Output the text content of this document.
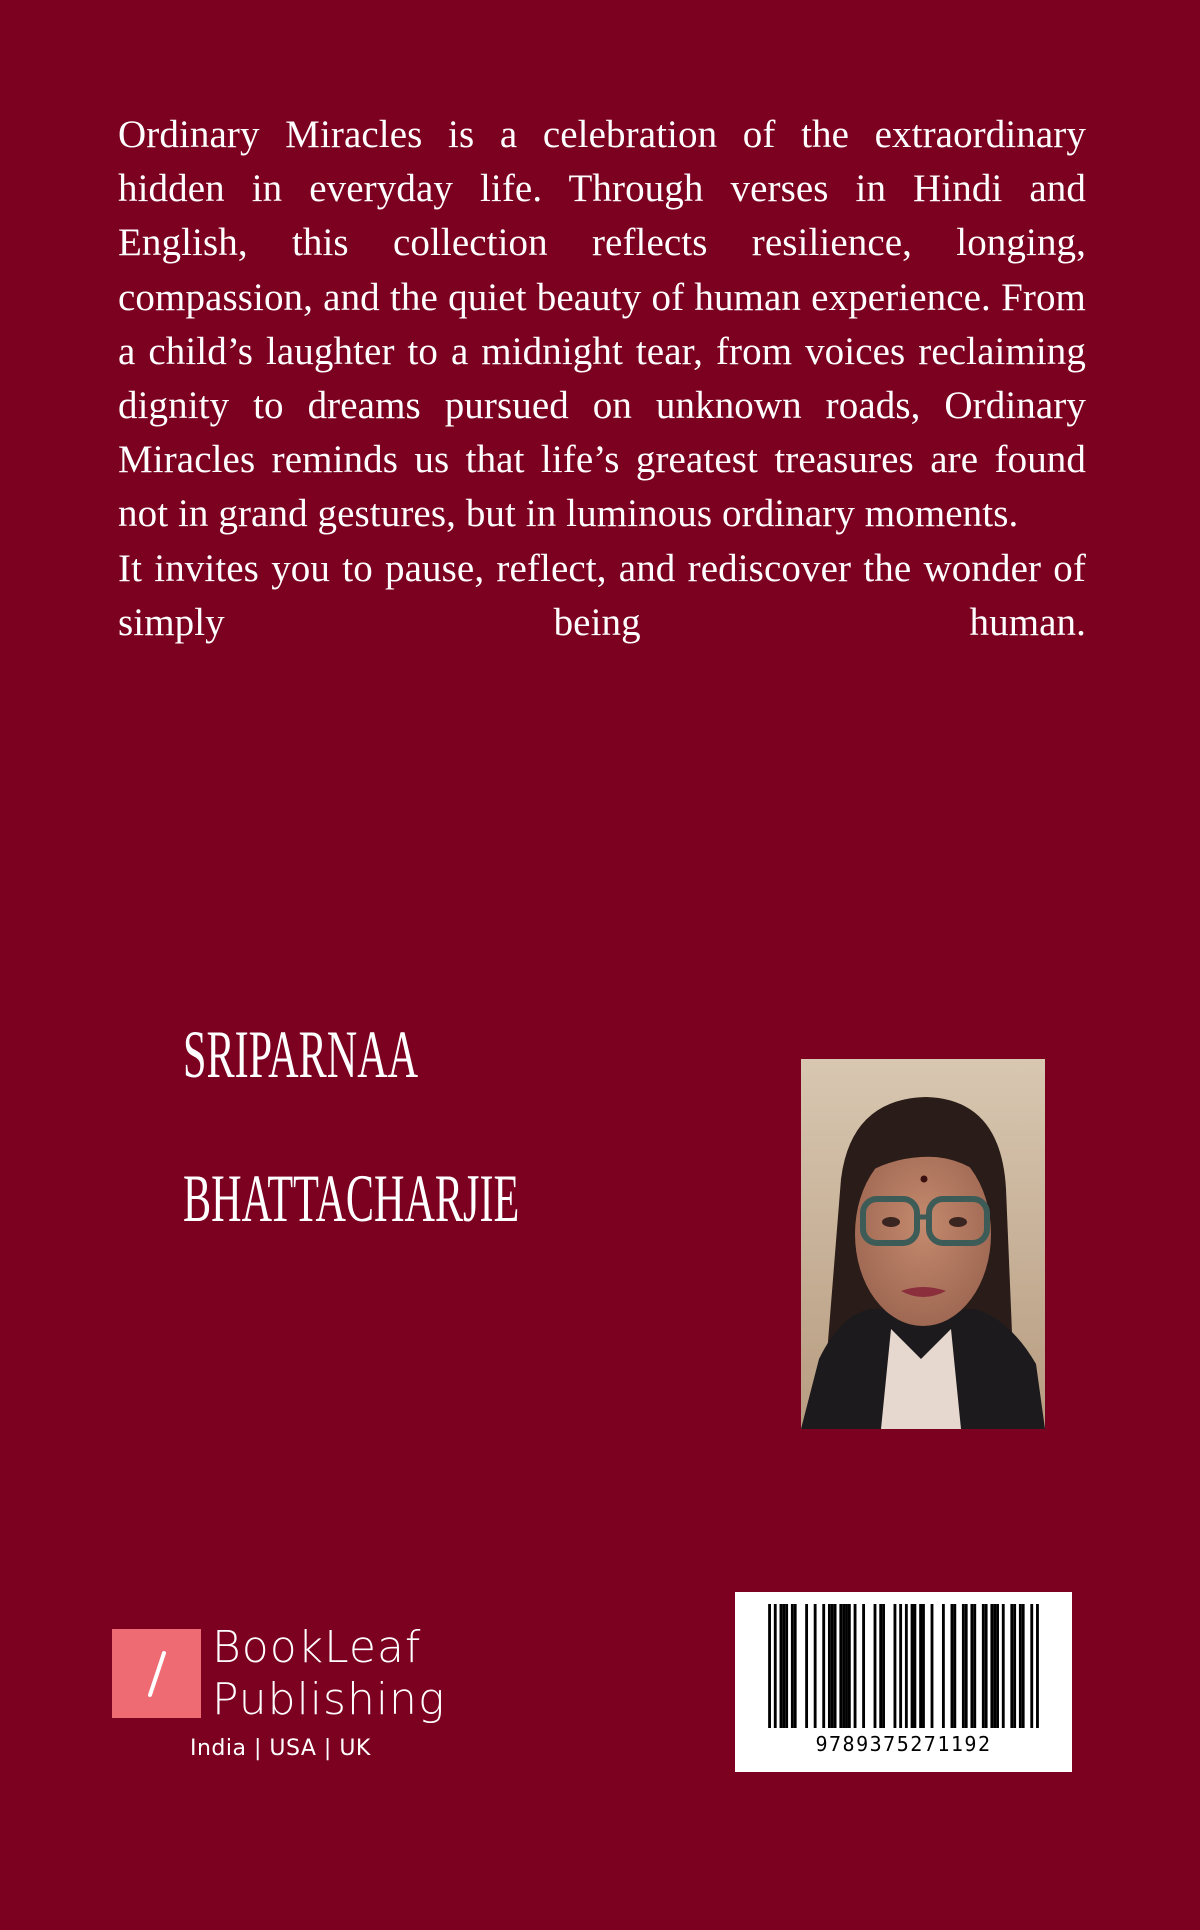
Ordinary Miracles is a celebration of the extraordinary hidden in everyday life. Through verses in Hindi and English, this collection reflects resilience, longing, compassion, and the quiet beauty of human experience. From a child’s laughter to a midnight tear, from voices reclaiming dignity to dreams pursued on unknown roads, Ordinary Miracles reminds us that life’s greatest treasures are found not in grand gestures, but in luminous ordinary moments.

It invites you to pause, reflect, and rediscover the wonder of simply being human.

SRIPARNAA
BHATTACHARJIE
BookLeaf
Publishing
India | USA | UK	9789375271192
